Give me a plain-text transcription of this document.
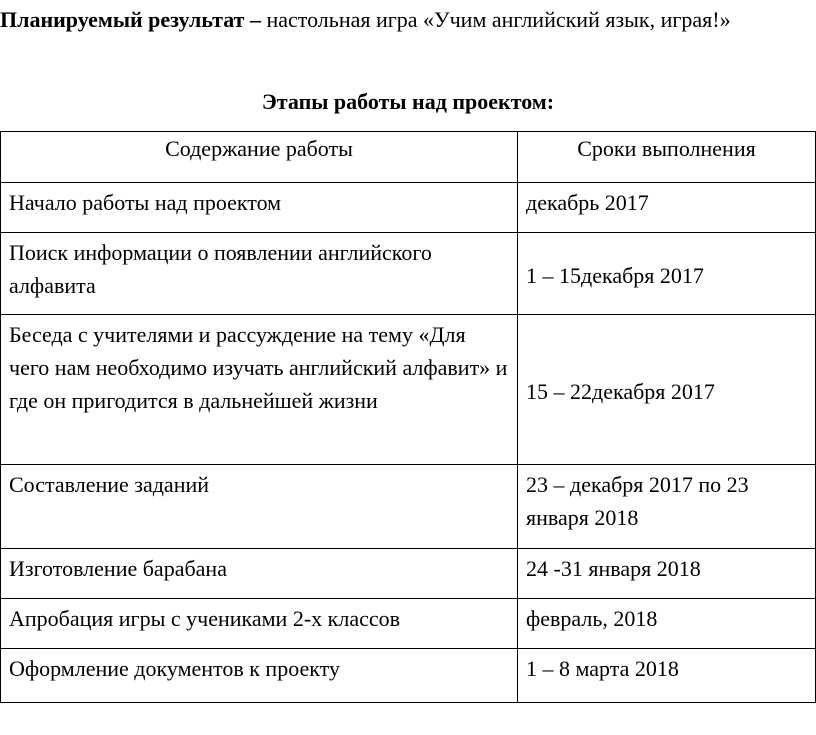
Планируемый результат – настольная игра «Учим английский язык, играя!»
Этапы работы над проектом:
Содержание работы	Сроки выполнения
Начало работы над проектом	декабрь 2017
Поиск информации о появлении английского алфавита	1 – 15декабря 2017
Беседа с учителями и рассуждение на тему «Для чего нам необходимо изучать английский алфавит» и где он пригодится в дальнейшей жизни	15 – 22декабря 2017
Составление заданий	23 – декабря 2017 по 23 января 2018
Изготовление барабана	24 -31 января 2018
Апробация игры с учениками 2-х классов	февраль, 2018
Оформление документов к проекту	1 – 8 марта 2018
